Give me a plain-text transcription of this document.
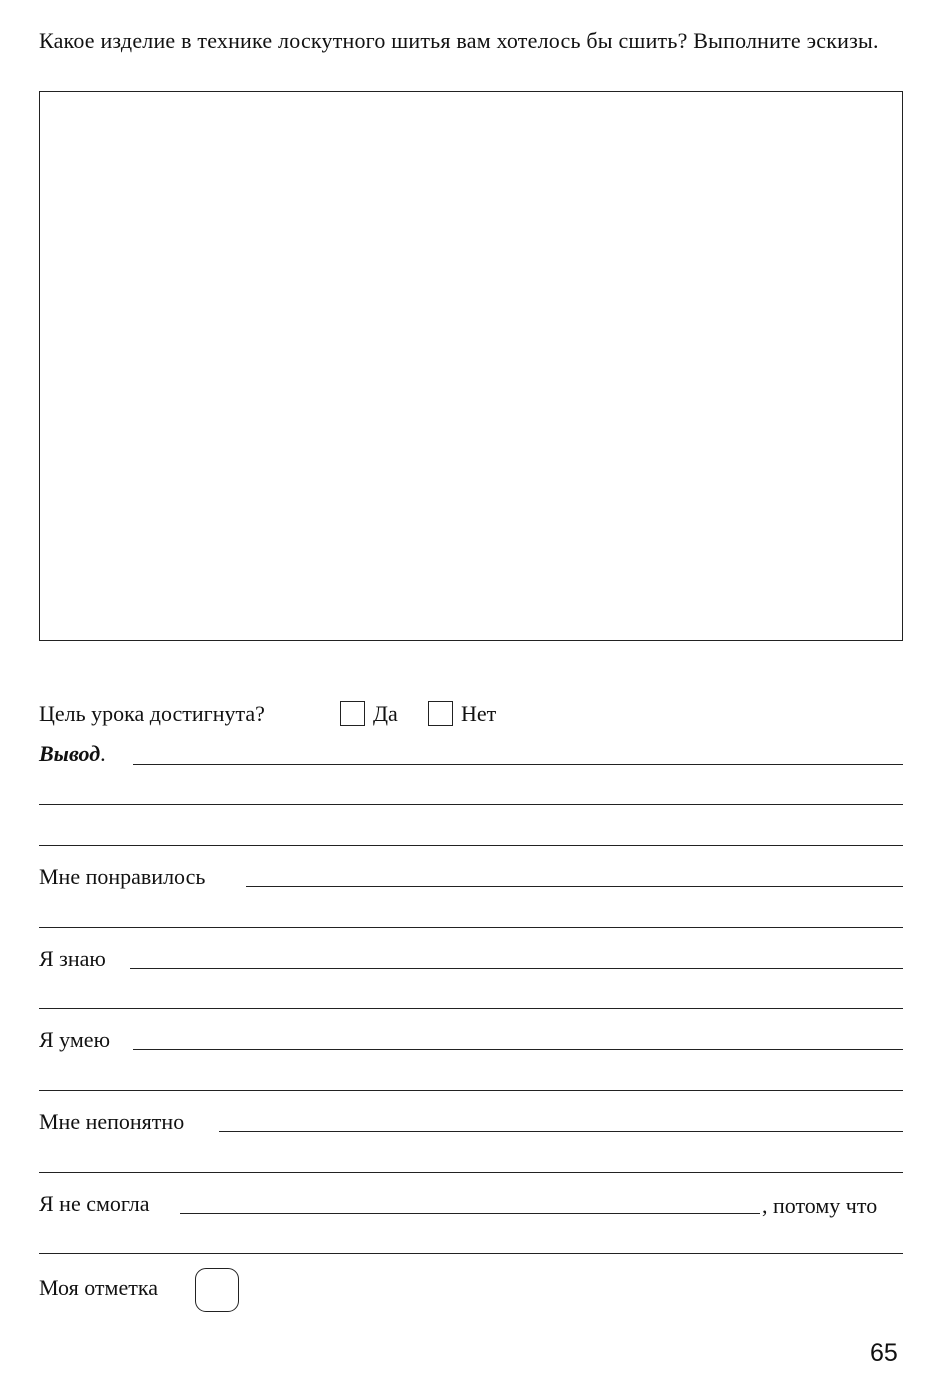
Какое изделие в технике лоскутного шитья вам хотелось бы сшить? Выполните эскизы.
Цель урока достигнута?	Да	Нет
Вывод.
Мне понравилось
Я знаю
Я умею
Мне непонятно
Я не смогла	, потому что
Моя отметка
65
